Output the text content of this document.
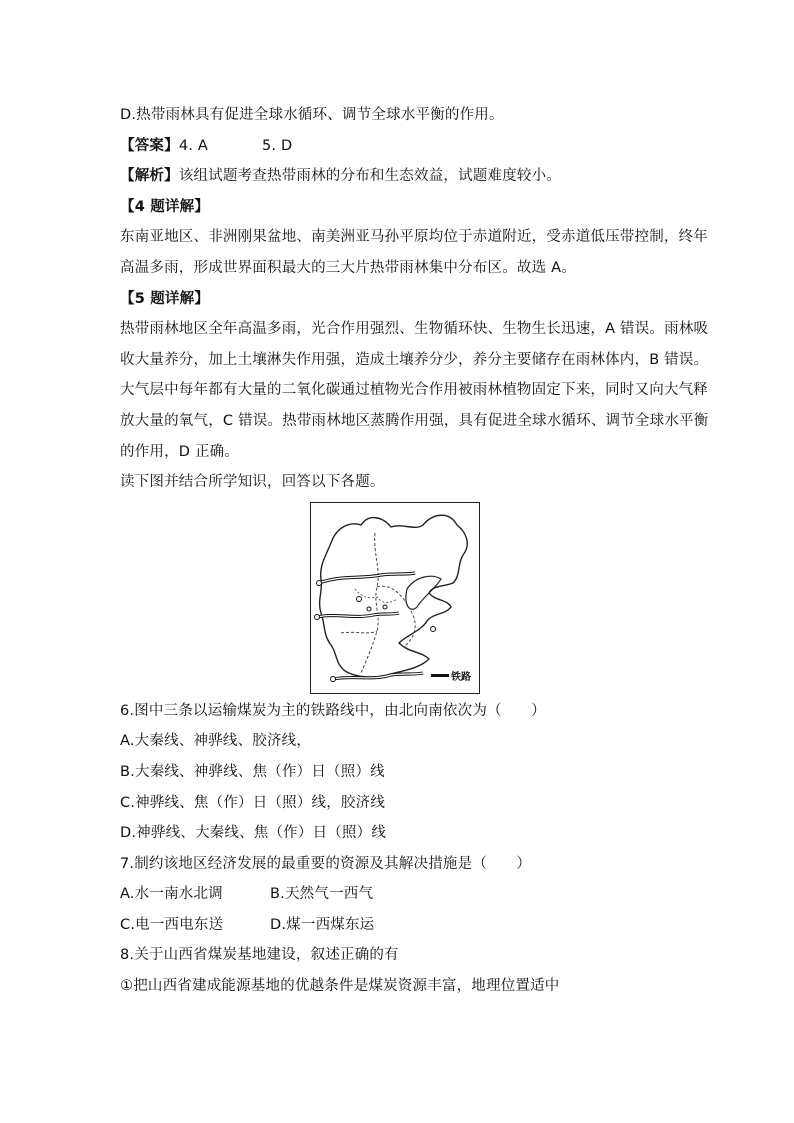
D.热带雨林具有促进全球水循环、调节全球水平衡的作用。
【答案】4. A	5. D
【解析】该组试题考查热带雨林的分布和生态效益，试题难度较小。
【4 题详解】
东南亚地区、非洲刚果盆地、南美洲亚马孙平原均位于赤道附近，受赤道低压带控制，终年
高温多雨，形成世界面积最大的三大片热带雨林集中分布区。故选 A。
【5 题详解】
热带雨林地区全年高温多雨，光合作用强烈、生物循环快、生物生长迅速，A 错误。雨林吸
收大量养分，加上土壤淋失作用强，造成土壤养分少，养分主要储存在雨林体内，B 错误。
大气层中每年都有大量的二氧化碳通过植物光合作用被雨林植物固定下来，同时又向大气释
放大量的氧气，C 错误。热带雨林地区蒸腾作用强，具有促进全球水循环、调节全球水平衡
的作用，D 正确。
读下图并结合所学知识，回答以下各题。
铁路
6.图中三条以运输煤炭为主的铁路线中，由北向南依次为（　　）
A.大秦线、神骅线、胶济线，
B.大秦线、神骅线、焦（作）日（照）线
C.神骅线、焦（作）日（照）线，胶济线
D.神骅线、大秦线、焦（作）日（照）线
7.制约该地区经济发展的最重要的资源及其解决措施是（　　）
A.水一南水北调	B.天然气一西气
C.电一西电东送	D.煤一西煤东运
8.关于山西省煤炭基地建设，叙述正确的有
①把山西省建成能源基地的优越条件是煤炭资源丰富，地理位置适中
